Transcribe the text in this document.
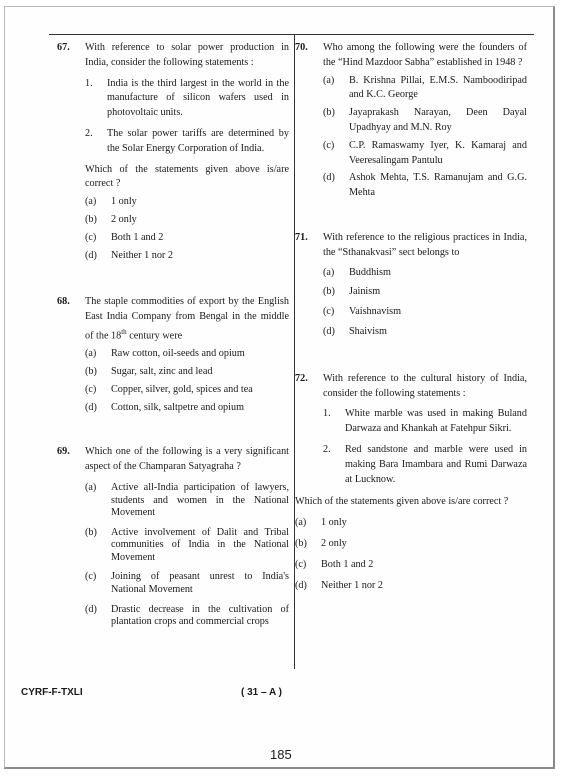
67.	With reference to solar power production in India, consider the following statements :
1.	India is the third largest in the world in the manufacture of silicon wafers used in photovoltaic units.
2.	The solar power tariffs are determined by the Solar Energy Corporation of India.
Which of the statements given above is/are correct ?
(a)	1 only
(b)	2 only
(c)	Both 1 and 2
(d)	Neither 1 nor 2
68.	The staple commodities of export by the English East India Company from Bengal in the middle of the 18th century were
(a)	Raw cotton, oil-seeds and opium
(b)	Sugar, salt, zinc and lead
(c)	Copper, silver, gold, spices and tea
(d)	Cotton, silk, saltpetre and opium
69.	Which one of the following is a very significant aspect of the Champaran Satyagraha ?
(a)	Active all-India participation of lawyers, students and women in the National Movement
(b)	Active involvement of Dalit and Tribal communities of India in the National Movement
(c)	Joining of peasant unrest to India's National Movement
(d)	Drastic decrease in the cultivation of plantation crops and commercial crops
70.	Who among the following were the founders of the “Hind Mazdoor Sabha” established in 1948 ?
(a)	B. Krishna Pillai, E.M.S. Namboodiripad and K.C. George
(b)	Jayaprakash Narayan, Deen Dayal Upadhyay and M.N. Roy
(c)	C.P. Ramaswamy Iyer, K. Kamaraj and Veeresalingam Pantulu
(d)	Ashok Mehta, T.S. Ramanujam and G.G. Mehta
71.	With reference to the religious practices in India, the “Sthanakvasi” sect belongs to
(a)	Buddhism
(b)	Jainism
(c)	Vaishnavism
(d)	Shaivism
72.	With reference to the cultural history of India, consider the following statements :
1.	White marble was used in making Buland Darwaza and Khankah at Fatehpur Sikri.
2.	Red sandstone and marble were used in making Bara Imambara and Rumi Darwaza at Lucknow.
Which of the statements given above is/are correct ?
(a)	1 only
(b)	2 only
(c)	Both 1 and 2
(d)	Neither 1 nor 2
CYRF-F-TXLI	( 31 – A )
185
